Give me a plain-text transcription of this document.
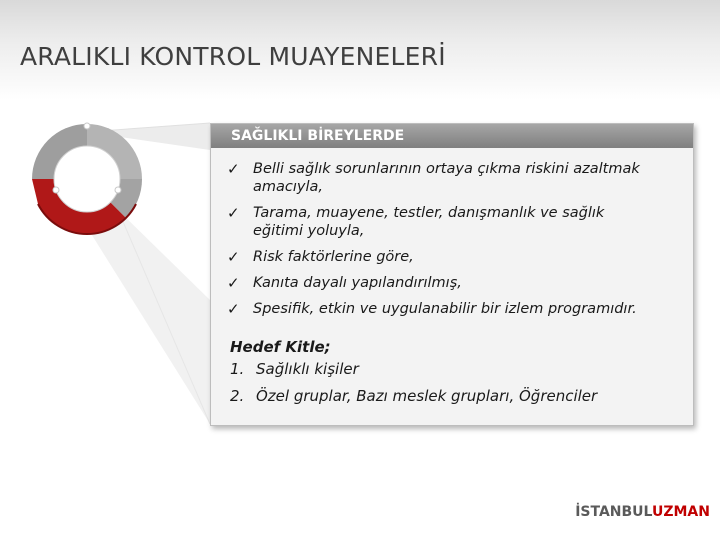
ARALIKLI KONTROL MUAYENELERİ
SAĞLIKLI BİREYLERDE
✓ Belli sağlık sorunlarının ortaya çıkma riskini azaltmak
amacıyla,
✓ Tarama, muayene, testler, danışmanlık ve sağlık
eğitimi yoluyla,
✓ Risk faktörlerine göre,
✓ Kanıta dayalı yapılandırılmış,
✓ Spesifik, etkin ve uygulanabilir bir izlem programıdır.
Hedef Kitle;
1. Sağlıklı kişiler
2. Özel gruplar, Bazı meslek grupları, Öğrenciler
İSTANBULUZMAN
